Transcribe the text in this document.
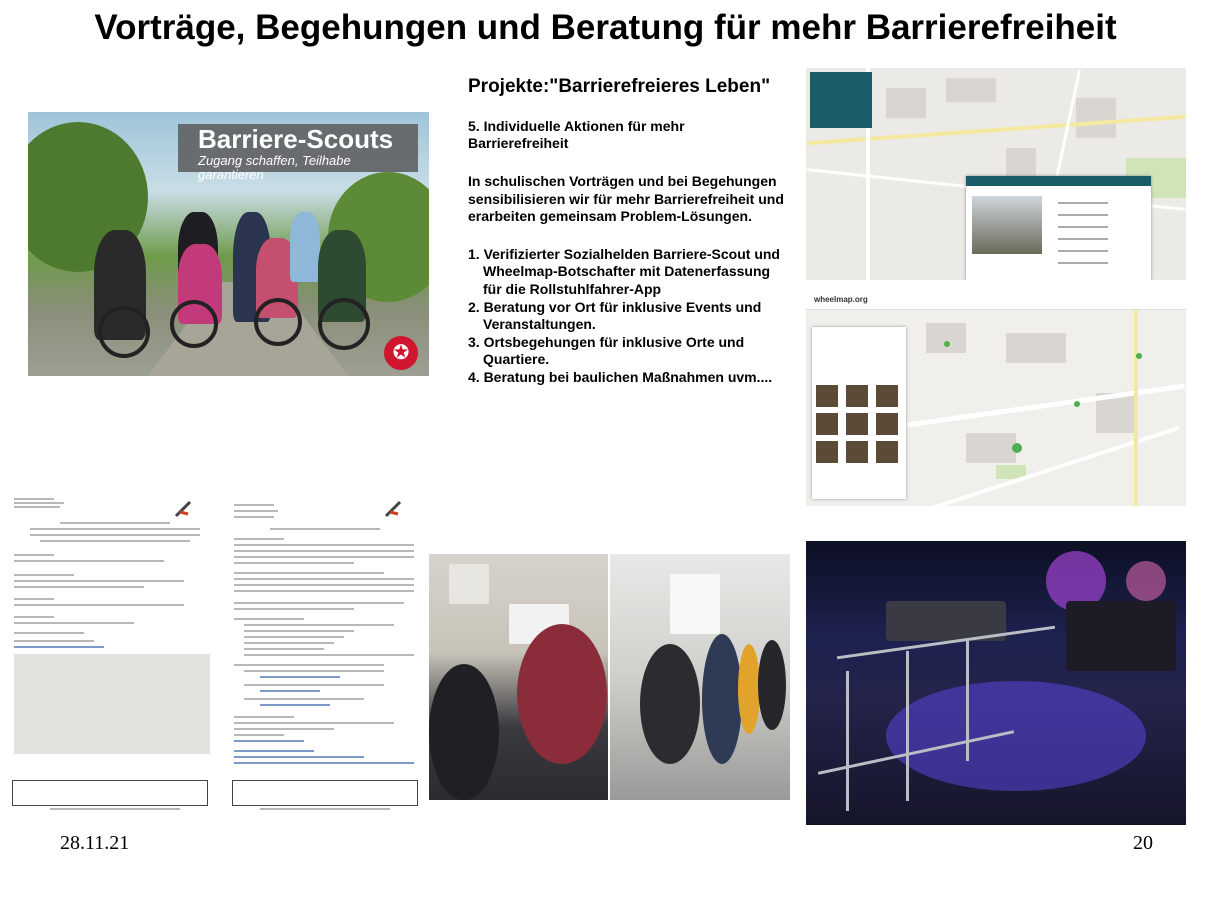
Vorträge, Begehungen und Beratung für mehr Barrierefreiheit
Barriere-Scouts
Zugang schaffen, Teilhabe garantieren
✪

Projekte:"Barrierefreieres Leben"

5. Individuelle Aktionen für mehr Barrierefreiheit

In schulischen Vorträgen und bei Begehungen sensibilisieren wir für mehr Barrierefreiheit und erarbeiten gemeinsam Problem-Lösungen.

1. Verifizierter Sozialhelden Barriere-Scout und Wheelmap-Botschafter mit Datenerfassung für die Rollstuhlfahrer-App
2. Beratung vor Ort für inklusive Events und Veranstaltungen.
3. Ortsbegehungen für inklusive Orte und Quartiere.
4. Beratung bei baulichen Maßnahmen uvm....
wheelmap.org
28.11.21	20
